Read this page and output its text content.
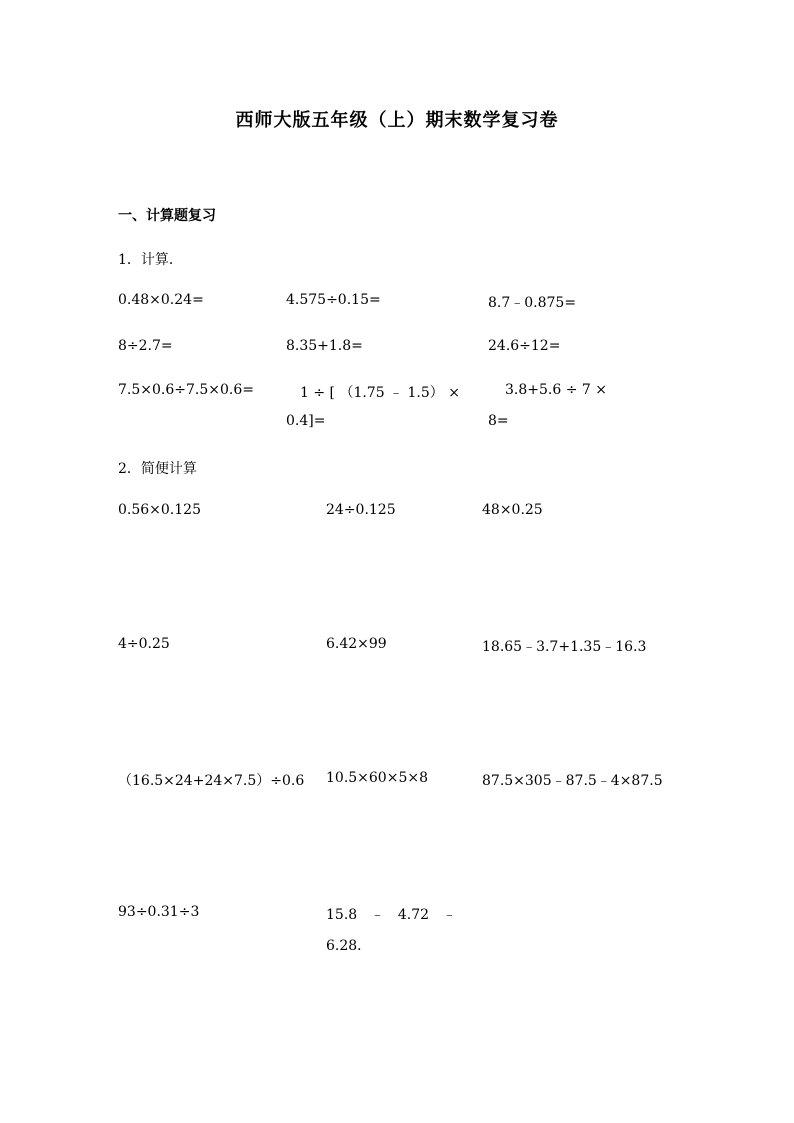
西师大版五年级（上）期末数学复习卷
一、计算题复习
1．计算．
0.48×0.24=	4.575÷0.15=	8.7﹣0.875=
8÷2.7=	8.35+1.8=	24.6÷12=
7.5×0.6÷7.5×0.6=	1 ÷ [ （1.75 ﹣ 1.5） ×	3.8+5.6 ÷ 7 ×
0.4]=	8=
2．简便计算
0.56×0.125	24÷0.125	48×0.25
4÷0.25	6.42×99	18.65﹣3.7+1.35﹣16.3
（16.5×24+24×7.5）÷0.6 10.5×60×5×8	87.5×305﹣87.5﹣4×87.5
93÷0.31÷3	15.8   ﹣   4.72   ﹣
6.28．
